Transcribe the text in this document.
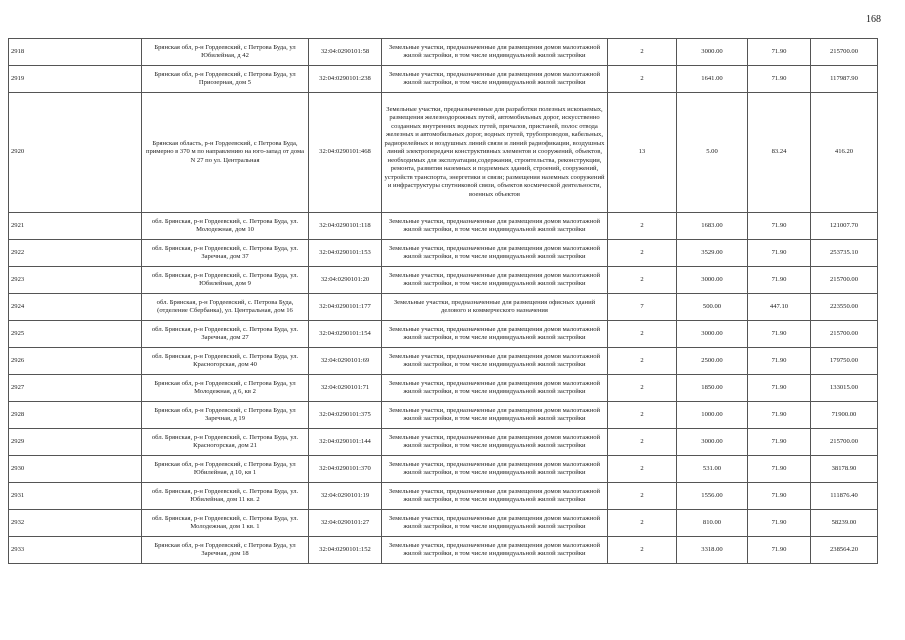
168
2918	Брянская обл, р-н Гордеевский, с Петрова Буда, ул Юбилейная, д 42	32:04:0290101:58	Земельные участки, предназначенные для размещения домов малоэтажной жилой застройки, в том числе индивидуальной жилой застройки	2	3000.00	71.90	215700.00
2919	Брянская обл, р-н Гордеевский, с Петрова Буда, ул Приозерная, дом 5	32:04:0290101:238	Земельные участки, предназначенные для размещения домов малоэтажной жилой застройки, в том числе индивидуальной жилой застройки	2	1641.00	71.90	117987.90
2920	Брянская область, р-н Гордеевский, с Петрова Буда, примерно в 370 м по направлению на юго-запад от дома N 27 по ул. Центральная	32:04:0290101:468	Земельные участки, предназначенные для разработки полезных ископаемых, размещения железнодорожных путей, автомобильных дорог, искусственно созданных внутренних водных путей, причалов, пристаней, полос отвода железных и автомобильных дорог, водных путей, трубопроводов, кабельных, радиорелейных и воздушных линий связи и линий радиофикации, воздушных линий электропередачи конструктивных элементов и сооружений, объектов, необходимых для эксплуатации,содержания, строительства, реконструкции, ремонта, развития наземных и подземных зданий, строений, сооружений, устройств транспорта, энергетики и связи; размещения наземных сооружений и инфраструктуры спутниковой связи, объектов космической деятельности, военных объектов	13	5.00	83.24	416.20
2921	обл. Брянская, р-н Гордеевский, с. Петрова Буда, ул. Молодежная, дом 10	32:04:0290101:118	Земельные участки, предназначенные для размещения домов малоэтажной жилой застройки, в том числе индивидуальной жилой застройки	2	1683.00	71.90	121007.70
2922	обл. Брянская, р-н Гордеевский, с. Петрова Буда, ул. Заречная, дом 37	32:04:0290101:153	Земельные участки, предназначенные для размещения домов малоэтажной жилой застройки, в том числе индивидуальной жилой застройки	2	3529.00	71.90	253735.10
2923	обл. Брянская, р-н Гордеевский, с. Петрова Буда, ул. Юбилейная, дом 9	32:04:0290101:20	Земельные участки, предназначенные для размещения домов малоэтажной жилой застройки, в том числе индивидуальной жилой застройки	2	3000.00	71.90	215700.00
2924	обл. Брянская, р-н Гордеевский, с. Петрова Буда, (отделение Сбербанка), ул. Центральная, дом 16	32:04:0290101:177	Земельные участки, предназначенные для размещения офисных зданий делового и коммерческого назначения	7	500.00	447.10	223550.00
2925	обл. Брянская, р-н Гордеевский, с. Петрова Буда, ул. Заречная, дом 27	32:04:0290101:154	Земельные участки, предназначенные для размещения домов малоэтажной жилой застройки, в том числе индивидуальной жилой застройки	2	3000.00	71.90	215700.00
2926	обл. Брянская, р-н Гордеевский, с. Петрова Буда, ул. Красногорская, дом 40	32:04:0290101:69	Земельные участки, предназначенные для размещения домов малоэтажной жилой застройки, в том числе индивидуальной жилой застройки	2	2500.00	71.90	179750.00
2927	Брянская обл, р-н Гордеевский, с Петрова Буда, ул Молодежная, д 6, кв 2	32:04:0290101:71	Земельные участки, предназначенные для размещения домов малоэтажной жилой застройки, в том числе индивидуальной жилой застройки	2	1850.00	71.90	133015.00
2928	Брянская обл, р-н Гордеевский, с Петрова Буда, ул Заречная, д 19	32:04:0290101:375	Земельные участки, предназначенные для размещения домов малоэтажной жилой застройки, в том числе индивидуальной жилой застройки	2	1000.00	71.90	71900.00
2929	обл. Брянская, р-н Гордеевский, с. Петрова Буда, ул. Красногорская, дом 21	32:04:0290101:144	Земельные участки, предназначенные для размещения домов малоэтажной жилой застройки, в том числе индивидуальной жилой застройки	2	3000.00	71.90	215700.00
2930	Брянская обл, р-н Гордеевский, с Петрова Буда, ул Юбилейная, д 10, кв 1	32:04:0290101:370	Земельные участки, предназначенные для размещения домов малоэтажной жилой застройки, в том числе индивидуальной жилой застройки	2	531.00	71.90	38178.90
2931	обл. Брянская, р-н Гордеевский, с. Петрова Буда, ул. Юбилейная, дом 11 кв. 2	32:04:0290101:19	Земельные участки, предназначенные для размещения домов малоэтажной жилой застройки, в том числе индивидуальной жилой застройки	2	1556.00	71.90	111876.40
2932	обл. Брянская, р-н Гордеевский, с. Петрова Буда, ул. Молодежная, дом 1 кв. 1	32:04:0290101:27	Земельные участки, предназначенные для размещения домов малоэтажной жилой застройки, в том числе индивидуальной жилой застройки	2	810.00	71.90	58239.00
2933	Брянская обл, р-н Гордеевский, с Петрова Буда, ул Заречная, дом 18	32:04:0290101:152	Земельные участки, предназначенные для размещения домов малоэтажной жилой застройки, в том числе индивидуальной жилой застройки	2	3318.00	71.90	238564.20
